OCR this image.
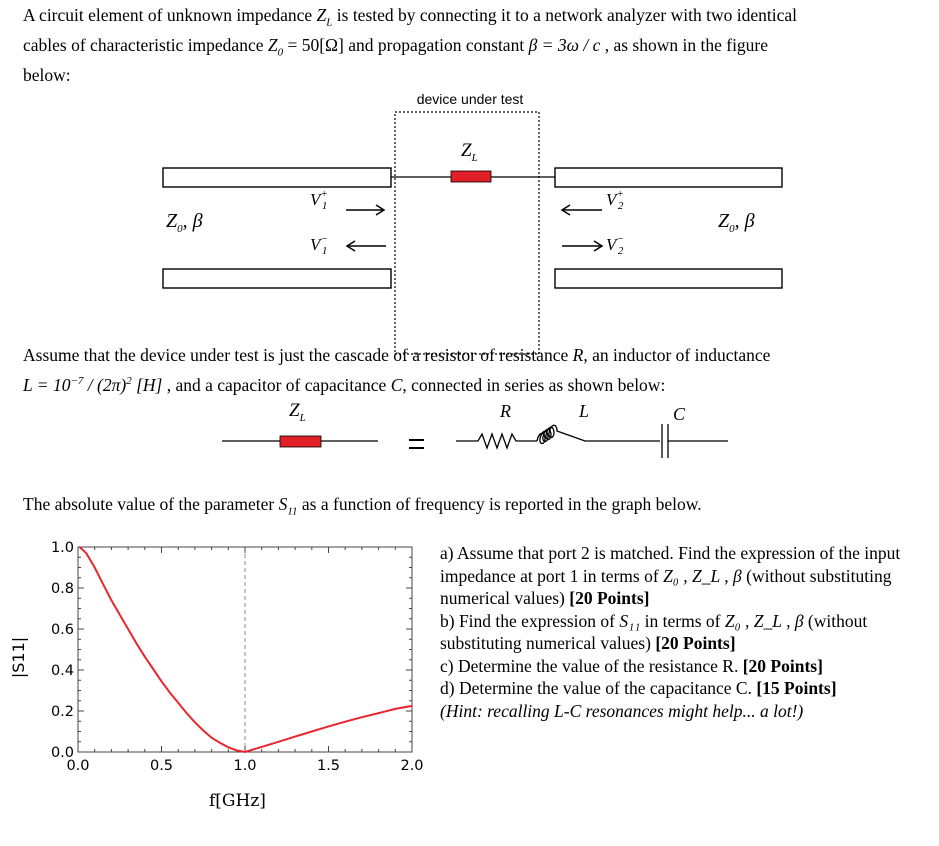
A circuit element of unknown impedance $Z_L$ is tested by connecting it to a network analyzer with two identical
cables of characteristic impedance $Z_0 = 50[\Omega]$ and propagation constant β = 3ω / c , as shown in the figure
below:
device under test
$Z_L$
$Z_0$, β	$Z_0$, β
$V^+_1$
$V^-_1$
$V^+_2$
$V^-_2$
Assume that the device under test is just the cascade of a resistor of resistance R, an inductor of inductance
$L = 10^{-7} / (2\pi)^2$ [H] , and a capacitor of capacitance C, connected in series as shown below:
$Z_L$	R	L	C
The absolute value of the parameter $S_{11}$ as a function of frequency is reported in the graph below.
0.0	0.5	1.0	1.5	2.0
0.0
0.2
0.4
0.6
0.8
1.0
|S11|
f[GHz]
a) Assume that port 2 is matched. Find the expression of the input impedance at port 1 in terms of Z₀ , Z_L , β (without substituting numerical values) [20 Points]
b) Find the expression of S₁₁ in terms of Z₀ , Z_L , β (without substituting numerical values) [20 Points]
c) Determine the value of the resistance R. [20 Points]
d) Determine the value of the capacitance C. [15 Points]
(Hint: recalling L-C resonances might help... a lot!)
